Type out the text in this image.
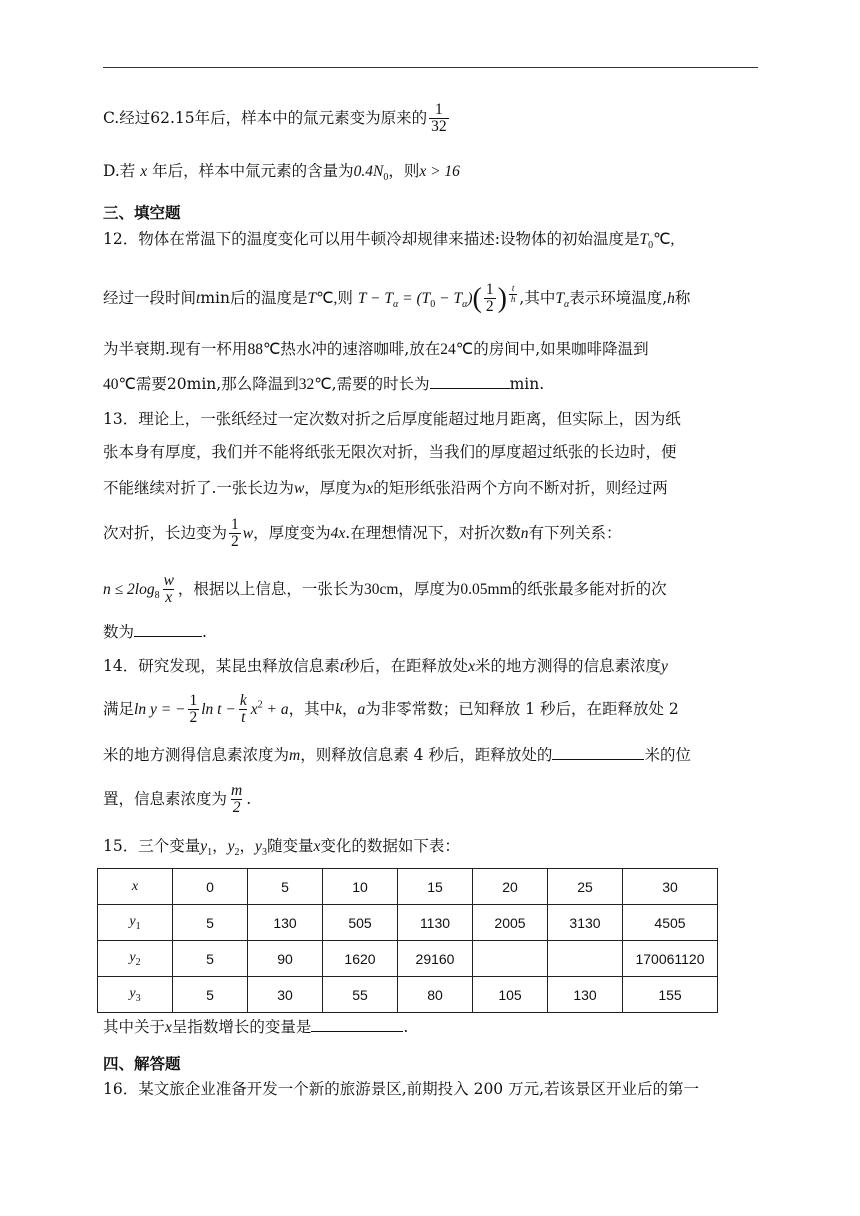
C.经过62.15年后，样本中的氚元素变为原来的 $\frac{1}{32}$
D.若 x 年后，样本中氚元素的含量为$0.4N_0$，则x > 16
三、填空题
12．物体在常温下的温度变化可以用牛顿冷却规律来描述:设物体的初始温度是$T_0℃$,
经过一段时间tmin后的温度是T℃,则 $T - T_\alpha = (T_0 - T_\alpha)( \frac{1}{2}$ ) $^{\frac{t}{h}}$ ,其中$T_\alpha$表示环境温度,h称
为半衰期.现有一杯用88℃热水冲的速溶咖啡,放在24℃的房间中,如果咖啡降温到
40℃需要20min,那么降温到32℃,需要的时长为	min.
13．理论上，一张纸经过一定次数对折之后厚度能超过地月距离，但实际上，因为纸
张本身有厚度，我们并不能将纸张无限次对折，当我们的厚度超过纸张的长边时，便
不能继续对折了.一张长边为w，厚度为x的矩形纸张沿两个方向不断对折，则经过两
次对折，长边变为 $\frac{1}{2}$ w，厚度变为4x.在理想情况下，对折次数n有下列关系：
$n \le 2\log_8 \frac{w}{x}$ ，根据以上信息，一张长为30cm，厚度为0.05mm的纸张最多能对折的次
数为	.
14．研究发现，某昆虫释放信息素t秒后，在距释放处x米的地方测得的信息素浓度y
满足ln y = − $\frac{1}{2}$ $\ln t - \frac{k}{t} x^2 + a$，其中k，a为非零常数；已知释放 1 秒后，在距释放处 2
米的地方测得信息素浓度为m，则释放信息素 4 秒后，距释放处的	米的位
置，信息素浓度为 $\frac{m}{2}$ .
15．三个变量$y_1$，$y_2$，$y_3$随变量x变化的数据如下表：
x	0	5	10	15	20	25	30
$y_1$	5	130	505	1130	2005	3130	4505
$y_2$	5	90	1620	29160			170061120
$y_3$	5	30	55	80	105	130	155
其中关于x呈指数增长的变量是	.
四、解答题
16．某文旅企业准备开发一个新的旅游景区,前期投入 200 万元,若该景区开业后的第一
